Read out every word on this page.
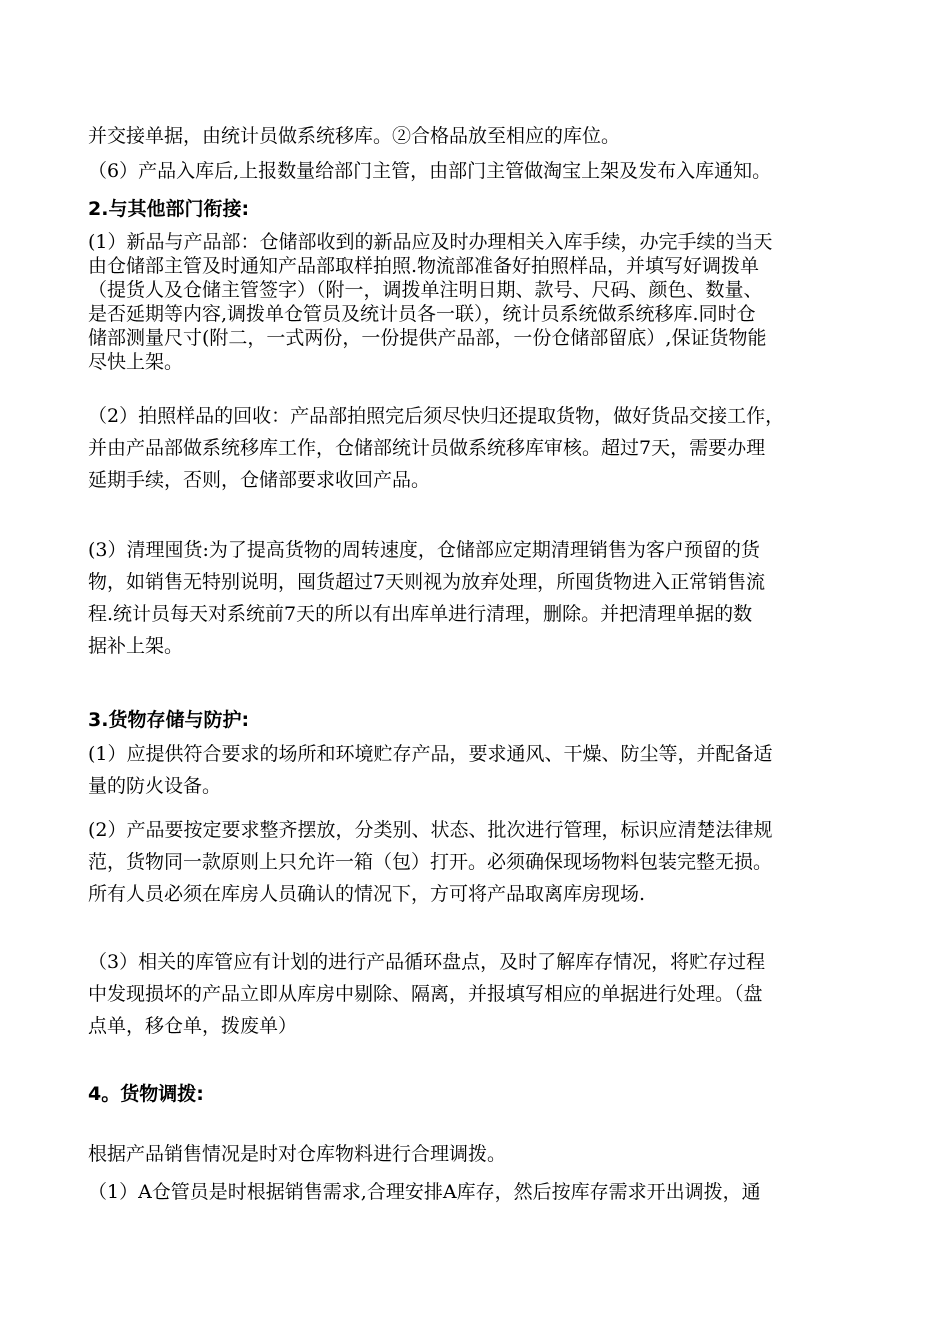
并交接单据，由统计员做系统移库。②合格品放至相应的库位。

（6）产品入库后,上报数量给部门主管，由部门主管做淘宝上架及发布入库通知。

2.与其他部门衔接:

(1）新品与产品部：仓储部收到的新品应及时办理相关入库手续，办完手续的当天
由仓储部主管及时通知产品部取样拍照.物流部准备好拍照样品，并填写好调拨单
（提货人及仓储主管签字）（附一，调拨单注明日期、款号、尺码、颜色、数量、
是否延期等内容,调拨单仓管员及统计员各一联），统计员系统做系统移库.同时仓
储部测量尺寸(附二，一式两份，一份提供产品部，一份仓储部留底）,保证货物能
尽快上架。

（2）拍照样品的回收：产品部拍照完后须尽快归还提取货物，做好货品交接工作，
并由产品部做系统移库工作，仓储部统计员做系统移库审核。超过7天，需要办理
延期手续，否则，仓储部要求收回产品。

(3）清理囤货:为了提高货物的周转速度，仓储部应定期清理销售为客户预留的货
物，如销售无特别说明，囤货超过7天则视为放弃处理，所囤货物进入正常销售流
程.统计员每天对系统前7天的所以有出库单进行清理，删除。并把清理单据的数
据补上架。

3.货物存储与防护:

(1）应提供符合要求的场所和环境贮存产品，要求通风、干燥、防尘等，并配备适
量的防火设备。

(2）产品要按定要求整齐摆放，分类别、状态、批次进行管理，标识应清楚法律规
范，货物同一款原则上只允许一箱（包）打开。必须确保现场物料包装完整无损。
所有人员必须在库房人员确认的情况下，方可将产品取离库房现场.

（3）相关的库管应有计划的进行产品循环盘点，及时了解库存情况，将贮存过程
中发现损坏的产品立即从库房中剔除、隔离，并报填写相应的单据进行处理。（盘
点单，移仓单，拨废单）

4。货物调拨:

根据产品销售情况是时对仓库物料进行合理调拨。

（1）A仓管员是时根据销售需求,合理安排A库存，然后按库存需求开出调拨，通
